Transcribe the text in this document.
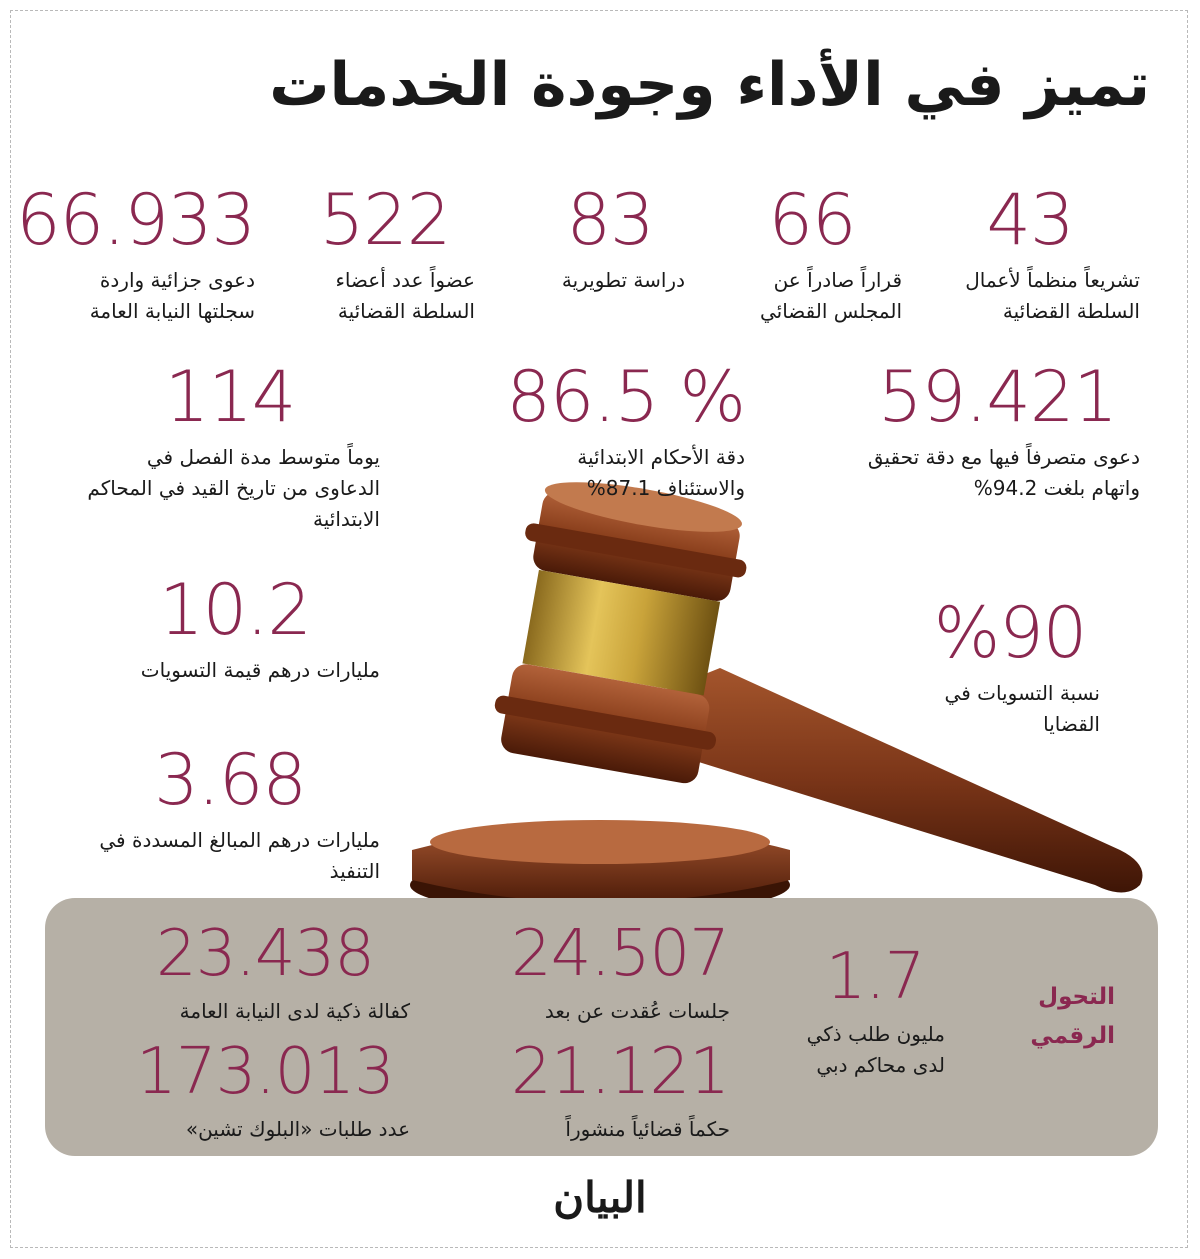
تميز في الأداء وجودة الخدمات
43
تشريعاً منظماً لأعمال السلطة القضائية
66
قراراً صادراً عن المجلس القضائي
83
دراسة تطويرية
522
عضواً عدد أعضاء السلطة القضائية
66.933
دعوى جزائية واردة سجلتها النيابة العامة
59.421
دعوى متصرفاً فيها مع دقة تحقيق واتهام بلغت 94.2%
% 86.5
دقة الأحكام الابتدائية والاستئناف 87.1%
114
يوماً متوسط مدة الفصل في الدعاوى من تاريخ القيد في المحاكم الابتدائية
%90
نسبة التسويات في القضايا
10.2
مليارات درهم قيمة التسويات
3.68
مليارات درهم المبالغ المسددة في التنفيذ
التحول الرقمي
1.7
مليون طلب ذكي لدى محاكم دبي
24.507
جلسات عُقدت عن بعد
23.438
كفالة ذكية لدى النيابة العامة
21.121
حكماً قضائياً منشوراً
173.013
عدد طلبات «البلوك تشين»
البيان
